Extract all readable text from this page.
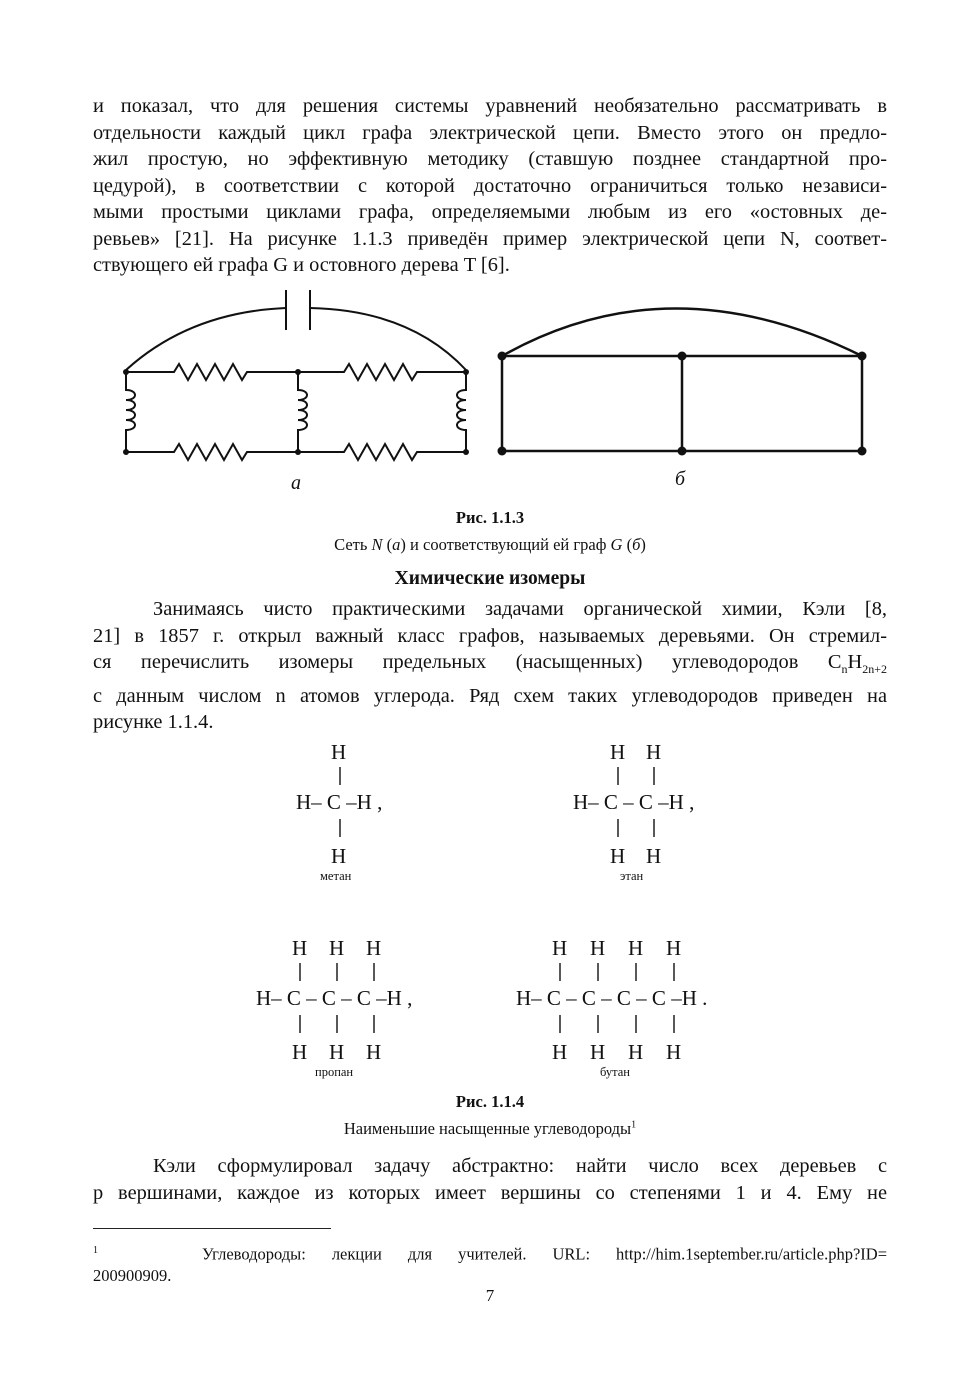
и показал, что для решения системы уравнений необязательно рассматривать в
отдельности каждый цикл графа электрической цепи. Вместо этого он предло-
жил простую, но эффективную методику (ставшую позднее стандартной про-
цедурой), в соответствии с которой достаточно ограничиться только независи-
мыми простыми циклами графа, определяемыми любым из его «остовных де-
ревьев» [21]. На рисунке 1.1.3 приведён пример электрической цепи N, соответ-
ствующего ей графа G и остовного дерева T [6].
а	б
Рис. 1.1.3
Сеть N (а) и соответствующий ей граф G (б)
Химические изомеры
Занимаясь чисто практическими задачами органической химии, Кэли [8,
21] в 1857 г. открыл важный класс графов, называемых деревьями. Он стремил-
ся перечислить изомеры предельных (насыщенных) углеводородов $C_nH_{2n+2}$
с данным числом n атомов углерода. Ряд схем таких углеводородов приведен на
рисунке 1.1.4.
H
H– C –H ,
H
метан
H H
H– C – C –H ,
H H
этан
H H H
H– C – C – C –H ,
H H H
пропан
H H H H
H– C – C – C – C –H .
H H H H
бутан
Рис. 1.1.4
Наименьшие насыщенные углеводороды$^1$
Кэли сформулировал задачу абстрактно: найти число всех деревьев с
p вершинами, каждое из которых имеет вершины со степенями 1 и 4. Ему не
$^1$	Углеводороды: лекции для учителей. URL: http://him.1september.ru/article.php?ID=
200900909.
7
